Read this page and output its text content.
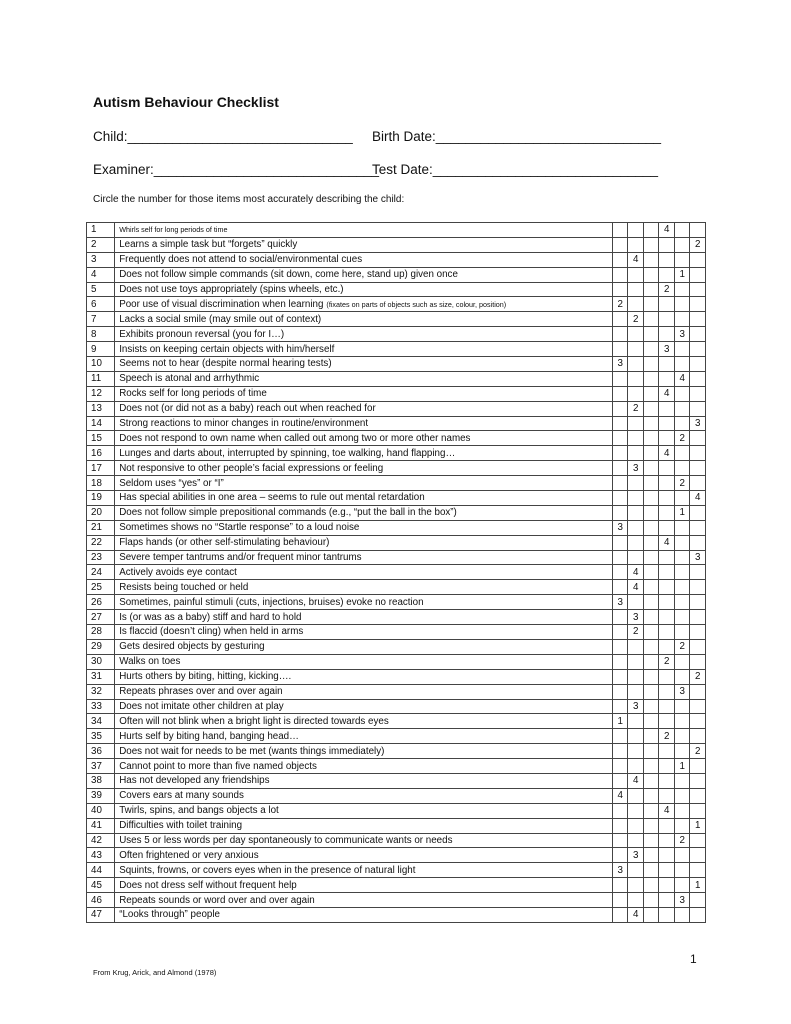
Autism Behaviour Checklist
Child:______________________________ Birth Date:______________________________
Examiner:______________________________
Test Date:______________________________
Circle the number for those items most accurately describing the child:
1	Whirls self for long periods of time				4		
2	Learns a simple task but “forgets” quickly						2
3	Frequently does not attend to social/environmental cues		4				
4	Does not follow simple commands (sit down, come here, stand up) given once					1	
5	Does not use toys appropriately (spins wheels, etc.)				2		
6	Poor use of visual discrimination when learning (fixates on parts of objects such as size, colour, position)	2					
7	Lacks a social smile (may smile out of context)		2				
8	Exhibits pronoun reversal (you for I…)					3	
9	Insists on keeping certain objects with him/herself				3		
10	Seems not to hear (despite normal hearing tests)	3					
11	Speech is atonal and arrhythmic					4	
12	Rocks self for long periods of time				4		
13	Does not (or did not as a baby) reach out when reached for		2				
14	Strong reactions to minor changes in routine/environment						3
15	Does not respond to own name when called out among two or more other names					2	
16	Lunges and darts about, interrupted by spinning, toe walking, hand flapping…				4		
17	Not responsive to other people’s facial expressions or feeling		3				
18	Seldom uses “yes” or “I”					2	
19	Has special abilities in one area – seems to rule out mental retardation						4
20	Does not follow simple prepositional commands (e.g., “put the ball in the box”)					1	
21	Sometimes shows no “Startle response” to a loud noise	3					
22	Flaps hands (or other self-stimulating behaviour)				4		
23	Severe temper tantrums and/or frequent minor tantrums						3
24	Actively avoids eye contact		4				
25	Resists being touched or held		4				
26	Sometimes, painful stimuli (cuts, injections, bruises) evoke no reaction	3					
27	Is (or was as a baby) stiff and hard to hold		3				
28	Is flaccid (doesn’t cling) when held in arms		2				
29	Gets desired objects by gesturing					2	
30	Walks on toes				2		
31	Hurts others by biting, hitting, kicking….						2
32	Repeats phrases over and over again					3	
33	Does not imitate other children at play		3				
34	Often will not blink when a bright light is directed towards eyes	1					
35	Hurts self by biting hand, banging head…				2		
36	Does not wait for needs to be met (wants things immediately)						2
37	Cannot point to more than five named objects					1	
38	Has not developed any friendships		4				
39	Covers ears at many sounds	4					
40	Twirls, spins, and bangs objects a lot				4		
41	Difficulties with toilet training						1
42	Uses 5 or less words per day spontaneously to communicate wants or needs					2	
43	Often frightened or very anxious		3				
44	Squints, frowns, or covers eyes when in the presence of natural light	3					
45	Does not dress self without frequent help						1
46	Repeats sounds or word over and over again					3	
47	“Looks through” people		4				
1
From Krug, Arick, and Almond (1978)
